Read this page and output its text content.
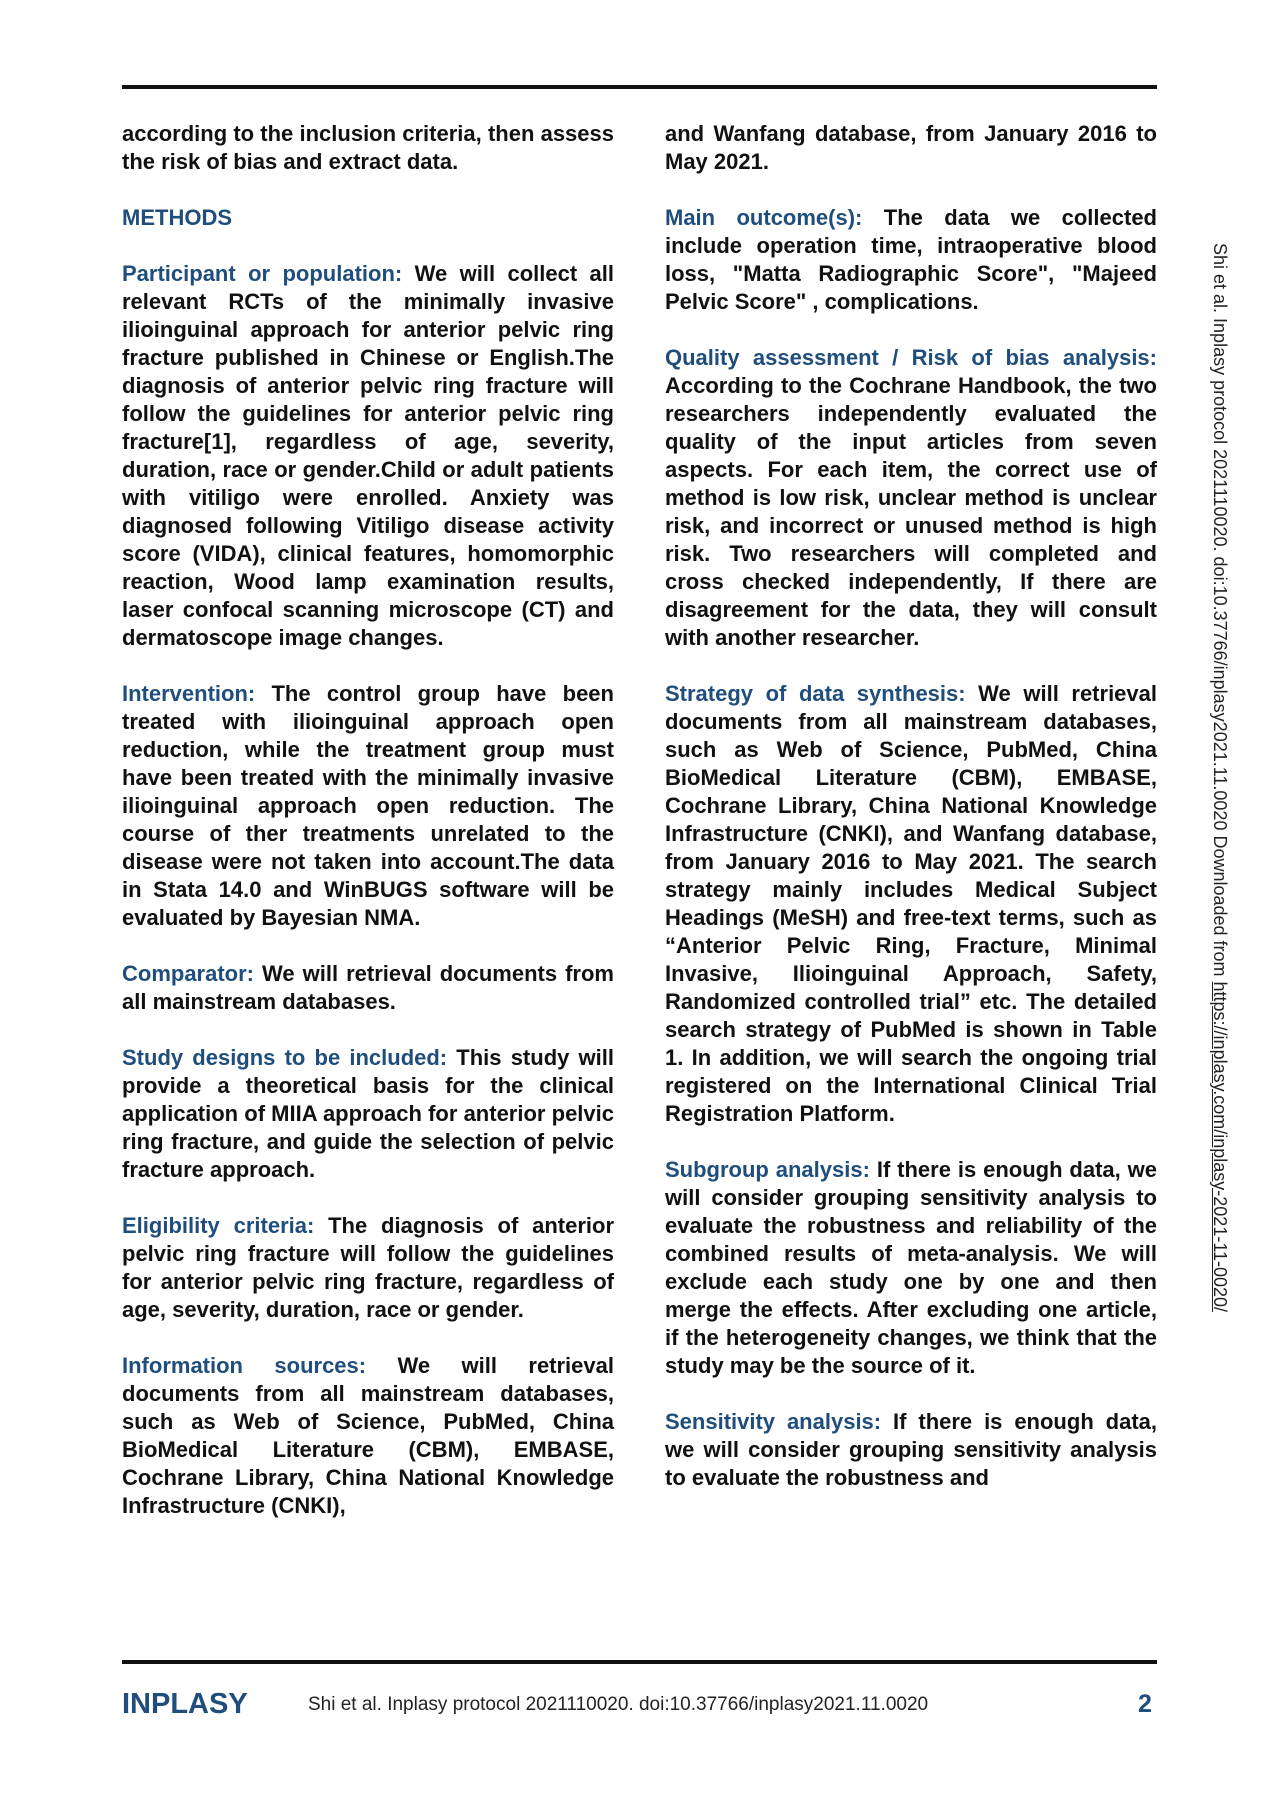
according to the inclusion criteria, then assess the risk of bias and extract data.

METHODS

Participant or population: We will collect all relevant RCTs of the minimally invasive ilioinguinal approach for anterior pelvic ring fracture published in Chinese or English.The diagnosis of anterior pelvic ring fracture will follow the guidelines for anterior pelvic ring fracture[1], regardless of age, severity, duration, race or gender.Child or adult patients with vitiligo were enrolled. Anxiety was diagnosed following Vitiligo disease activity score (VIDA), clinical features, homomorphic reaction, Wood lamp examination results, laser confocal scanning microscope (CT) and dermatoscope image changes.

Intervention: The control group have been treated with ilioinguinal approach open reduction, while the treatment group must have been treated with the minimally invasive ilioinguinal approach open reduction. The course of ther treatments unrelated to the disease were not taken into account.The data in Stata 14.0 and WinBUGS software will be evaluated by Bayesian NMA.

Comparator: We will retrieval documents from all mainstream databases.

Study designs to be included: This study will provide a theoretical basis for the clinical application of MIIA approach for anterior pelvic ring fracture, and guide the selection of pelvic fracture approach.

Eligibility criteria: The diagnosis of anterior pelvic ring fracture will follow the guidelines for anterior pelvic ring fracture, regardless of age, severity, duration, race or gender.

Information sources: We will retrieval documents from all mainstream databases, such as Web of Science, PubMed, China BioMedical Literature (CBM), EMBASE, Cochrane Library, China National Knowledge Infrastructure (CNKI),

and Wanfang database, from January 2016 to May 2021.

Main outcome(s): The data we collected include operation time, intraoperative blood loss, "Matta Radiographic Score", "Majeed Pelvic Score" , complications.

Quality assessment / Risk of bias analysis: According to the Cochrane Handbook, the two researchers independently evaluated the quality of the input articles from seven aspects. For each item, the correct use of method is low risk, unclear method is unclear risk, and incorrect or unused method is high risk. Two researchers will completed and cross checked independently, If there are disagreement for the data, they will consult with another researcher.

Strategy of data synthesis: We will retrieval documents from all mainstream databases, such as Web of Science, PubMed, China BioMedical Literature (CBM), EMBASE, Cochrane Library, China National Knowledge Infrastructure (CNKI), and Wanfang database, from January 2016 to May 2021. The search strategy mainly includes Medical Subject Headings (MeSH) and free-text terms, such as “Anterior Pelvic Ring, Fracture, Minimal Invasive, Ilioinguinal Approach, Safety, Randomized controlled trial” etc. The detailed search strategy of PubMed is shown in Table 1. In addition, we will search the ongoing trial registered on the International Clinical Trial Registration Platform.

Subgroup analysis: If there is enough data, we will consider grouping sensitivity analysis to evaluate the robustness and reliability of the combined results of meta-analysis. We will exclude each study one by one and then merge the effects. After excluding one article, if the heterogeneity changes, we think that the study may be the source of it.

Sensitivity analysis: If there is enough data, we will consider grouping sensitivity analysis to evaluate the robustness and

Shi et al. Inplasy protocol 2021110020. doi:10.37766/inplasy2021.11.0020 Downloaded from https://inplasy.com/inplasy-2021-11-0020/
INPLASY	Shi et al. Inplasy protocol 2021110020. doi:10.37766/inplasy2021.11.0020	2
